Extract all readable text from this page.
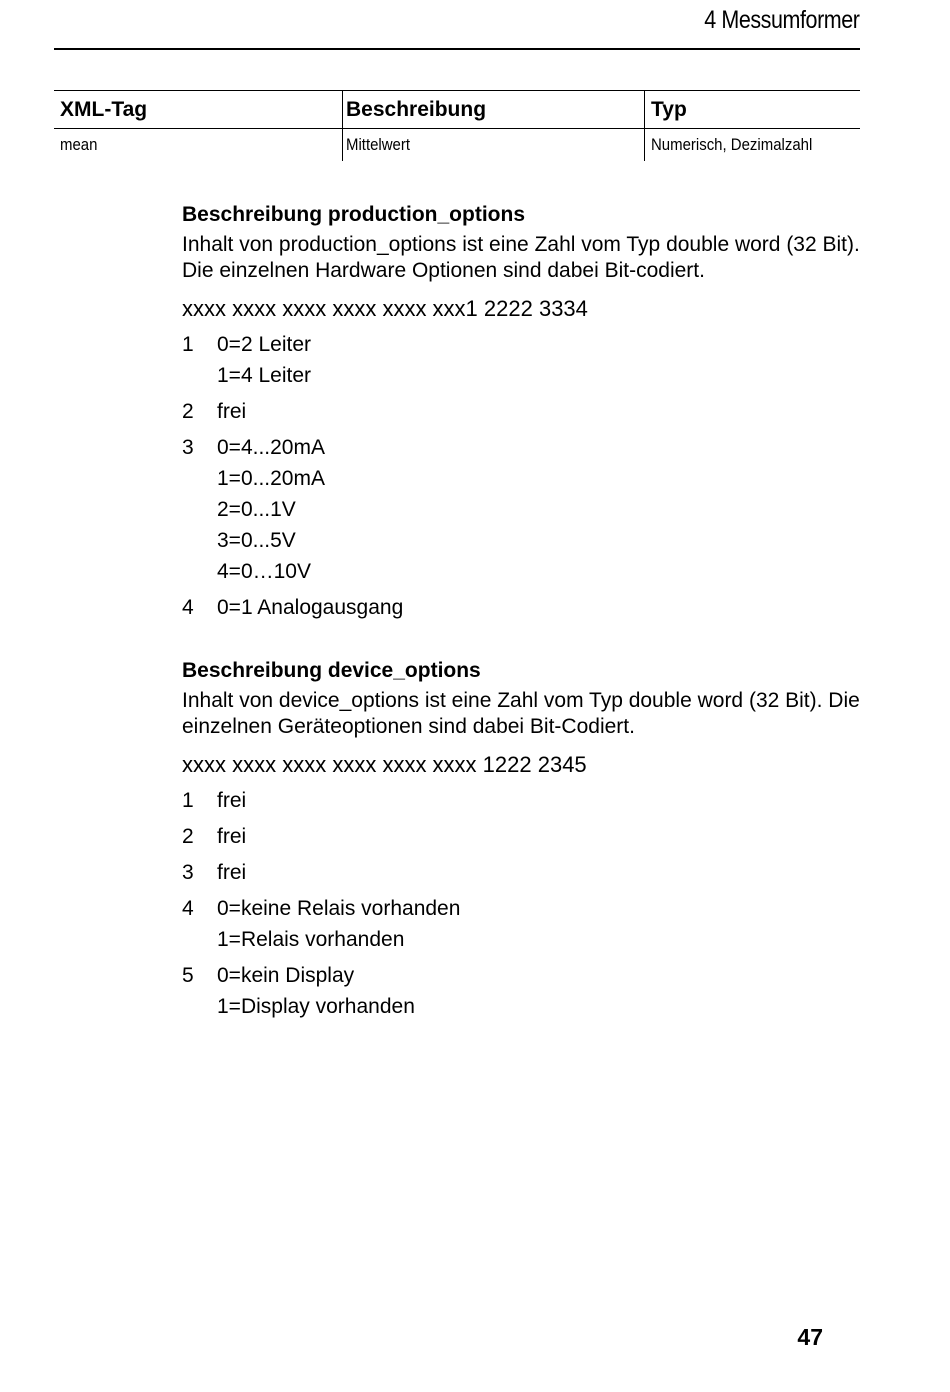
4 Messumformer
XML-Tag	Beschreibung	Typ
mean	Mittelwert	Numerisch, Dezimalzahl

Beschreibung production_options

Inhalt von production_options ist eine Zahl vom Typ double word (32 Bit). Die einzelnen Hardware Optionen sind dabei Bit-codiert.

xxxx xxxx xxxx xxxx xxxx xxx1 2222 3334

1	0=2 Leiter
1=4 Leiter
2	frei
3	0=4...20mA
1=0...20mA
2=0...1V
3=0...5V
4=0…10V
4	0=1 Analogausgang

Beschreibung device_options

Inhalt von device_options ist eine Zahl vom Typ double word (32 Bit). Die einzelnen Geräteoptionen sind dabei Bit-Codiert.

xxxx xxxx xxxx xxxx xxxx xxxx 1222 2345

1	frei
2	frei
3	frei
4	0=keine Relais vorhanden
1=Relais vorhanden
5	0=kein Display
1=Display vorhanden
47
